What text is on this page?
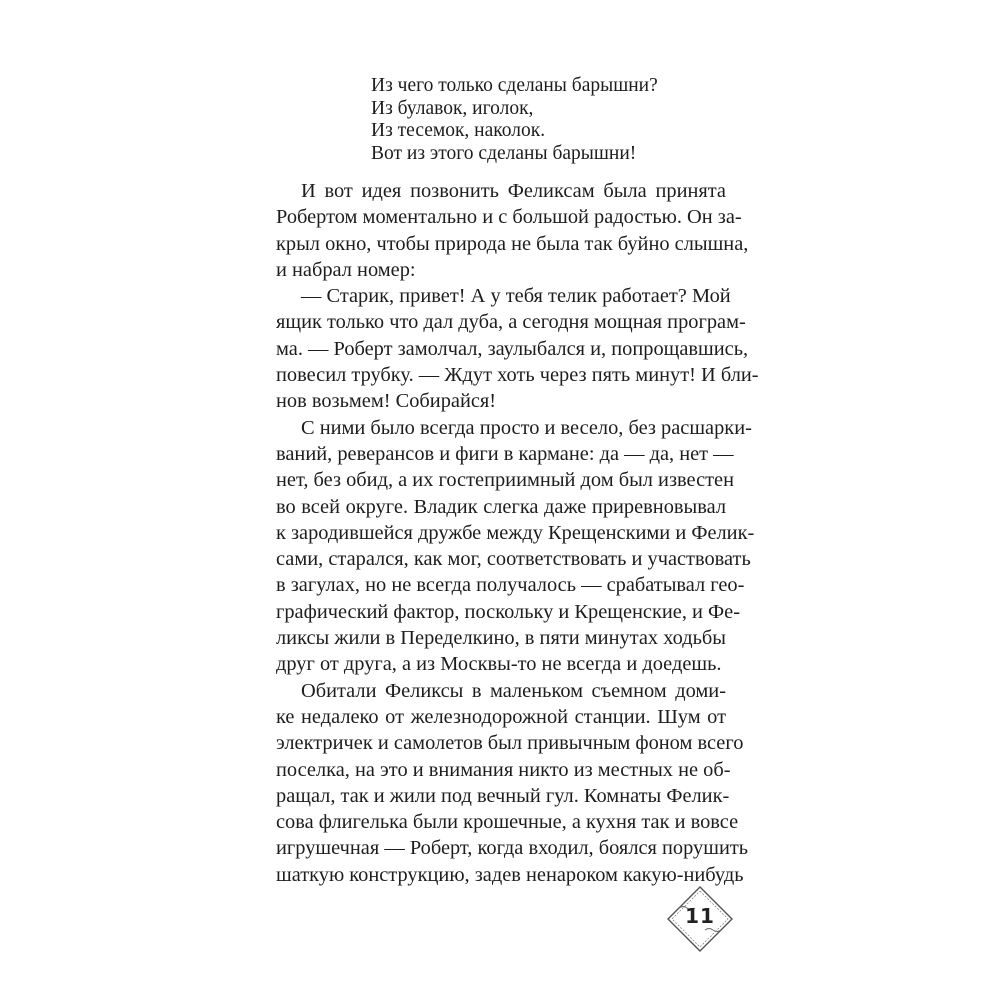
Из чего только сделаны барышни?
Из булавок, иголок,
Из тесемок, наколок.
Вот из этого сделаны барышни!
И вот идея позвонить Феликсам была принята
Робертом моментально и с большой радостью. Он за-
крыл окно, чтобы природа не была так буйно слышна,
и набрал номер:
— Старик, привет! А у тебя телик работает? Мой
ящик только что дал дуба, а сегодня мощная програм-
ма. — Роберт замолчал, заулыбался и, попрощавшись,
повесил трубку. — Ждут хоть через пять минут! И бли-
нов возьмем! Собирайся!
С ними было всегда просто и весело, без расшарки-
ваний, реверансов и фиги в кармане: да — да, нет —
нет, без обид, а их гостеприимный дом был известен
во всей округе. Владик слегка даже приревновывал
к зародившейся дружбе между Крещенскими и Фелик-
сами, старался, как мог, соответствовать и участвовать
в загулах, но не всегда получалось — срабатывал гео-
графический фактор, поскольку и Крещенские, и Фе-
ликсы жили в Переделкино, в пяти минутах ходьбы
друг от друга, а из Москвы-то не всегда и доедешь.
Обитали Феликсы в маленьком съемном доми-
ке недалеко от железнодорожной станции. Шум от
электричек и самолетов был привычным фоном всего
поселка, на это и внимания никто из местных не об-
ращал, так и жили под вечный гул. Комнаты Фелик-
сова флигелька были крошечные, а кухня так и вовсе
игрушечная — Роберт, когда входил, боялся порушить
шаткую конструкцию, задев ненароком какую-нибудь
11
